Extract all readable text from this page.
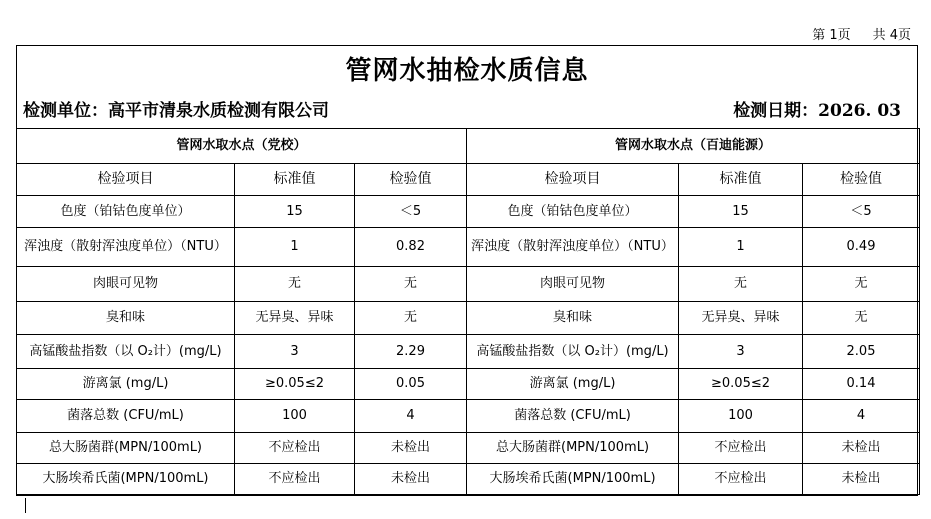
第 1页 共 4页
管网水抽检水质信息
检测单位：高平市清泉水质检测有限公司	检测日期：2026. 03
管网水取水点（党校）			管网水取水点（百迪能源）		
检验项目	标准值	检验值	检验项目	标准值	检验值
色度（铂钴色度单位）	15	＜5	色度（铂钴色度单位）	15	＜5
浑浊度（散射浑浊度单位）（NTU）	1	0.82	浑浊度（散射浑浊度单位）（NTU）	1	0.49
肉眼可见物	无	无	肉眼可见物	无	无
臭和味	无异臭、异味	无	臭和味	无异臭、异味	无
高锰酸盐指数（以 O₂计）(mg/L)	3	2.29	高锰酸盐指数（以 O₂计）(mg/L)	3	2.05
游离氯 (mg/L)	≥0.05≤2	0.05	游离氯 (mg/L)	≥0.05≤2	0.14
菌落总数 (CFU/mL)	100	4	菌落总数 (CFU/mL)	100	4
总大肠菌群(MPN/100mL)	不应检出	未检出	总大肠菌群(MPN/100mL)	不应检出	未检出
大肠埃希氏菌(MPN/100mL)	不应检出	未检出	大肠埃希氏菌(MPN/100mL)	不应检出	未检出
